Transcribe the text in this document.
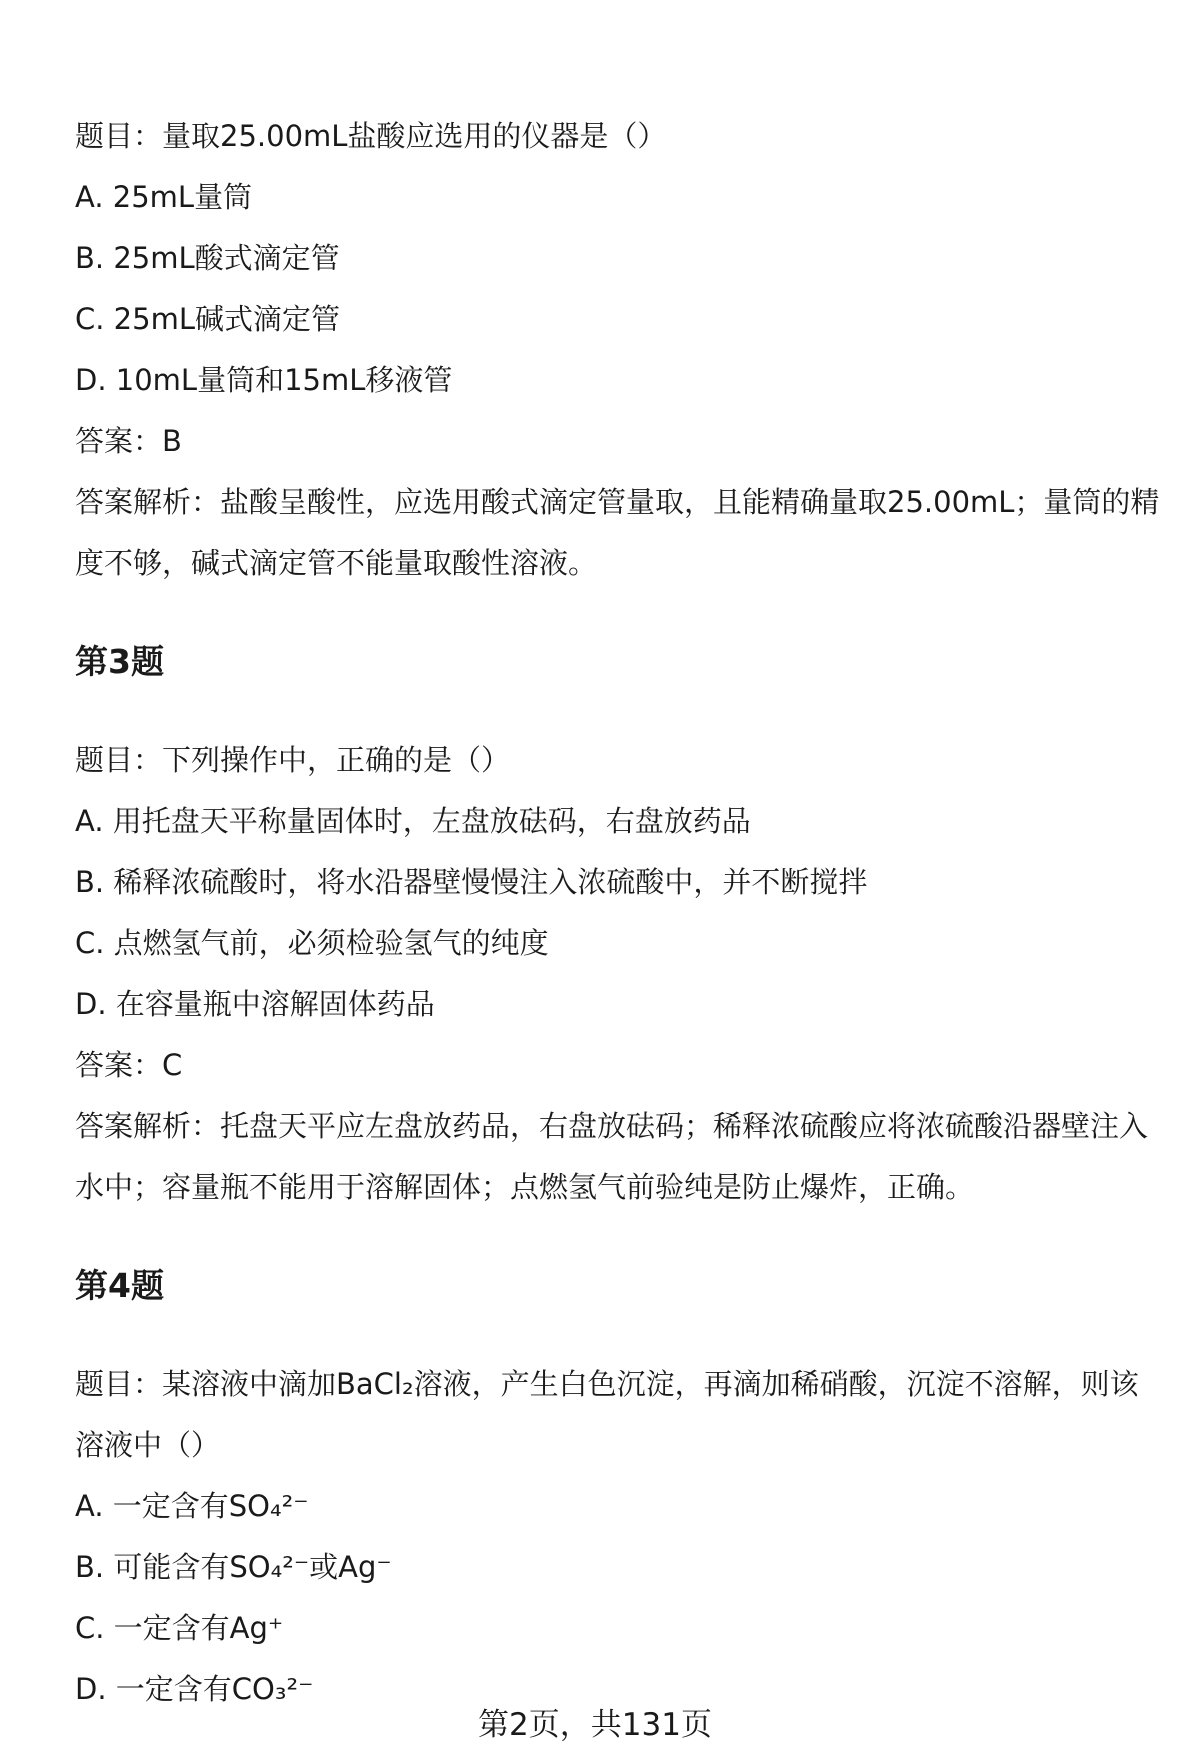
题目：量取25.00mL盐酸应选用的仪器是（）
A. 25mL量筒
B. 25mL酸式滴定管
C. 25mL碱式滴定管
D. 10mL量筒和15mL移液管
答案：B
答案解析：盐酸呈酸性，应选用酸式滴定管量取，且能精确量取25.00mL；量筒的精度不够，碱式滴定管不能量取酸性溶液。
第3题
题目：下列操作中，正确的是（）
A. 用托盘天平称量固体时，左盘放砝码，右盘放药品
B. 稀释浓硫酸时，将水沿器壁慢慢注入浓硫酸中，并不断搅拌
C. 点燃氢气前，必须检验氢气的纯度
D. 在容量瓶中溶解固体药品
答案：C
答案解析：托盘天平应左盘放药品，右盘放砝码；稀释浓硫酸应将浓硫酸沿器壁注入水中；容量瓶不能用于溶解固体；点燃氢气前验纯是防止爆炸，正确。
第4题
题目：某溶液中滴加BaCl₂溶液，产生白色沉淀，再滴加稀硝酸，沉淀不溶解，则该溶液中（）
A. 一定含有SO₄²⁻
B. 可能含有SO₄²⁻或Ag⁻
C. 一定含有Ag⁺
D. 一定含有CO₃²⁻
第2页，共131页
